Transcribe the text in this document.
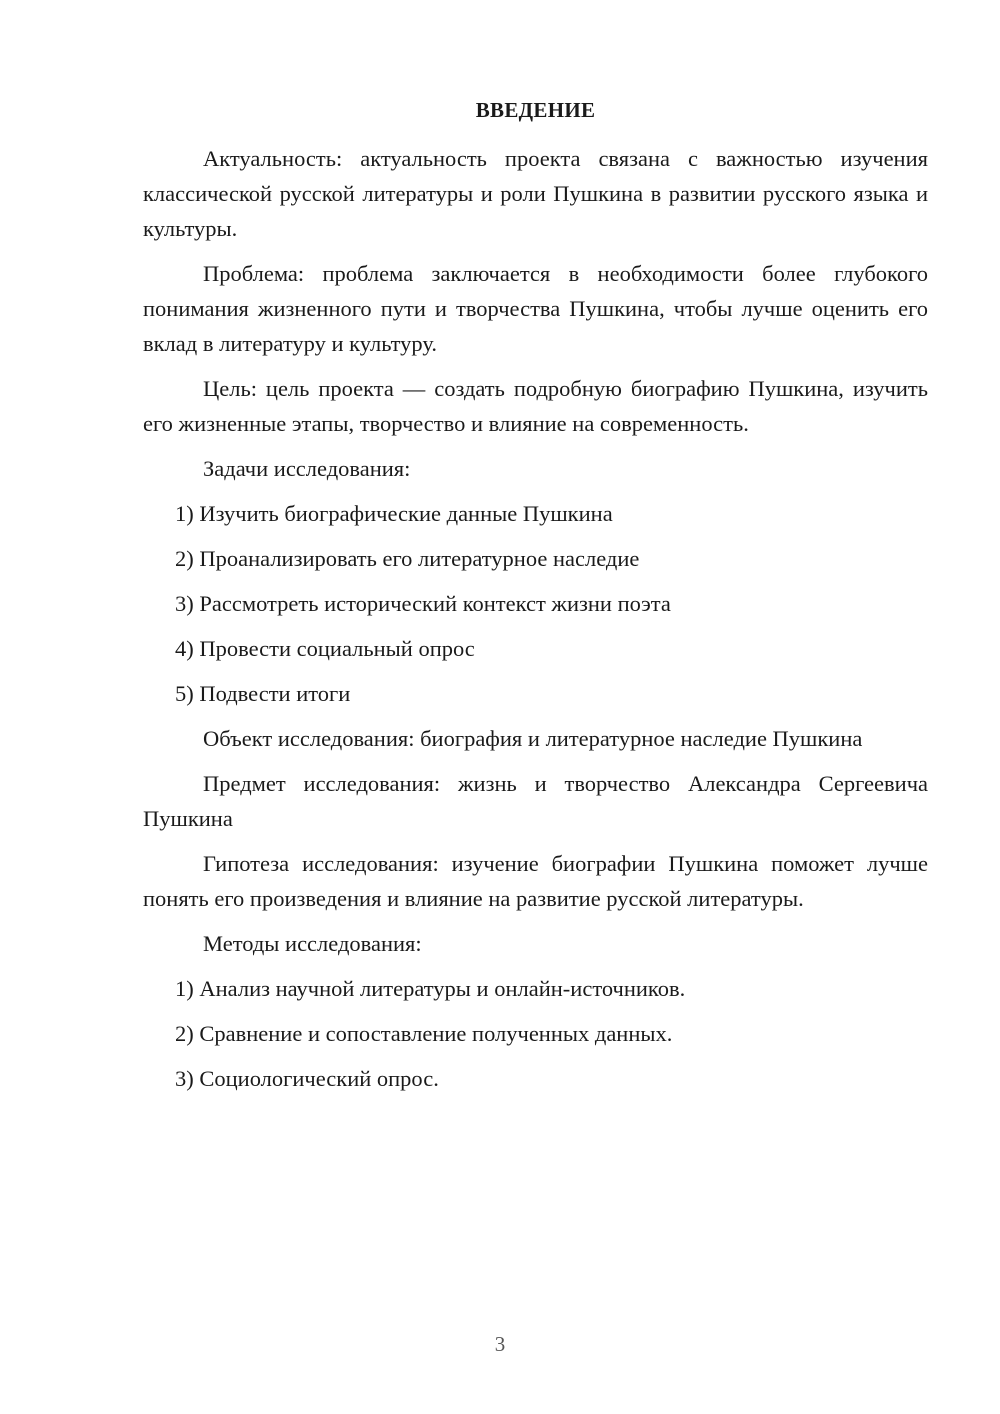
ВВЕДЕНИЕ

Актуальность: актуальность проекта связана с важностью изучения классической русской литературы и роли Пушкина в развитии русского языка и культуры.

Проблема: проблема заключается в необходимости более глубокого понимания жизненного пути и творчества Пушкина, чтобы лучше оценить его вклад в литературу и культуру.

Цель: цель проекта — создать подробную биографию Пушкина, изучить его жизненные этапы, творчество и влияние на современность.

Задачи исследования:

1) Изучить биографические данные Пушкина
2) Проанализировать его литературное наследие
3) Рассмотреть исторический контекст жизни поэта
4) Провести социальный опрос
5) Подвести итоги

Объект исследования: биография и литературное наследие Пушкина

Предмет исследования: жизнь и творчество Александра Сергеевича Пушкина

Гипотеза исследования: изучение биографии Пушкина поможет лучше понять его произведения и влияние на развитие русской литературы.

Методы исследования:

1) Анализ научной литературы и онлайн-источников.
2) Сравнение и сопоставление полученных данных.
3) Социологический опрос.
3
